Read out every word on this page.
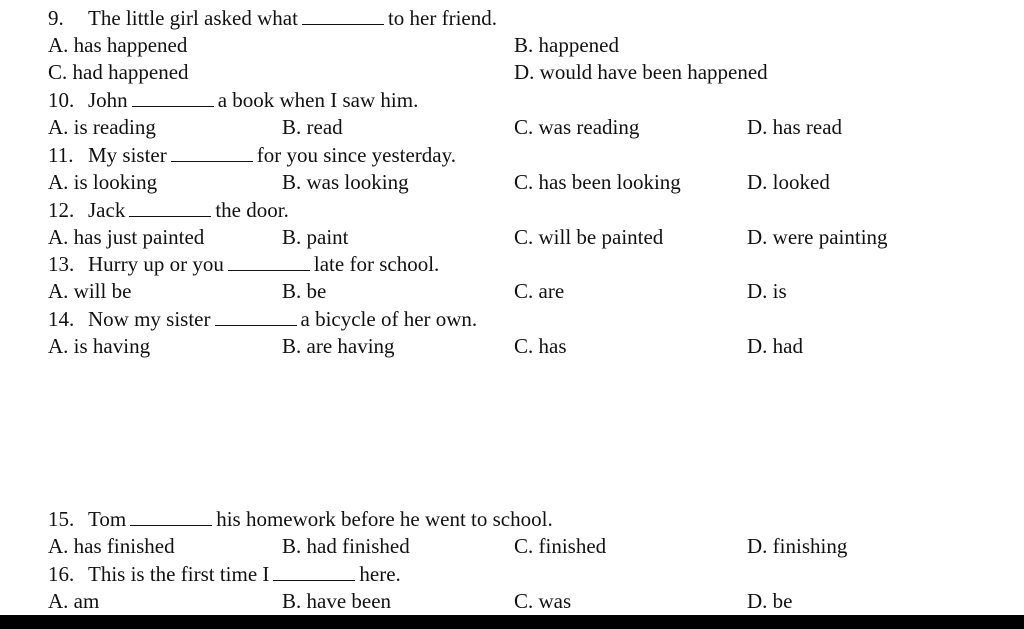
9. The little girl asked what	to her friend.
A. has happened	B. happened
C. had happened	D. would have been happened
10. John	a book when I saw him.
A. is reading	B. read	C. was reading	D. has read
11. My sister	for you since yesterday.
A. is looking	B. was looking	C. has been looking	D. looked
12. Jack	the door.
A. has just painted	B. paint	C. will be painted	D. were painting
13. Hurry up or you	late for school.
A. will be	B. be	C. are	D. is
14. Now my sister	a bicycle of her own.
A. is having	B. are having	C. has	D. had
15. Tom	his homework before he went to school.
A. has finished	B. had finished	C. finished	D. finishing
16. This is the first time I	here.
A. am	B. have been	C. was	D. be
